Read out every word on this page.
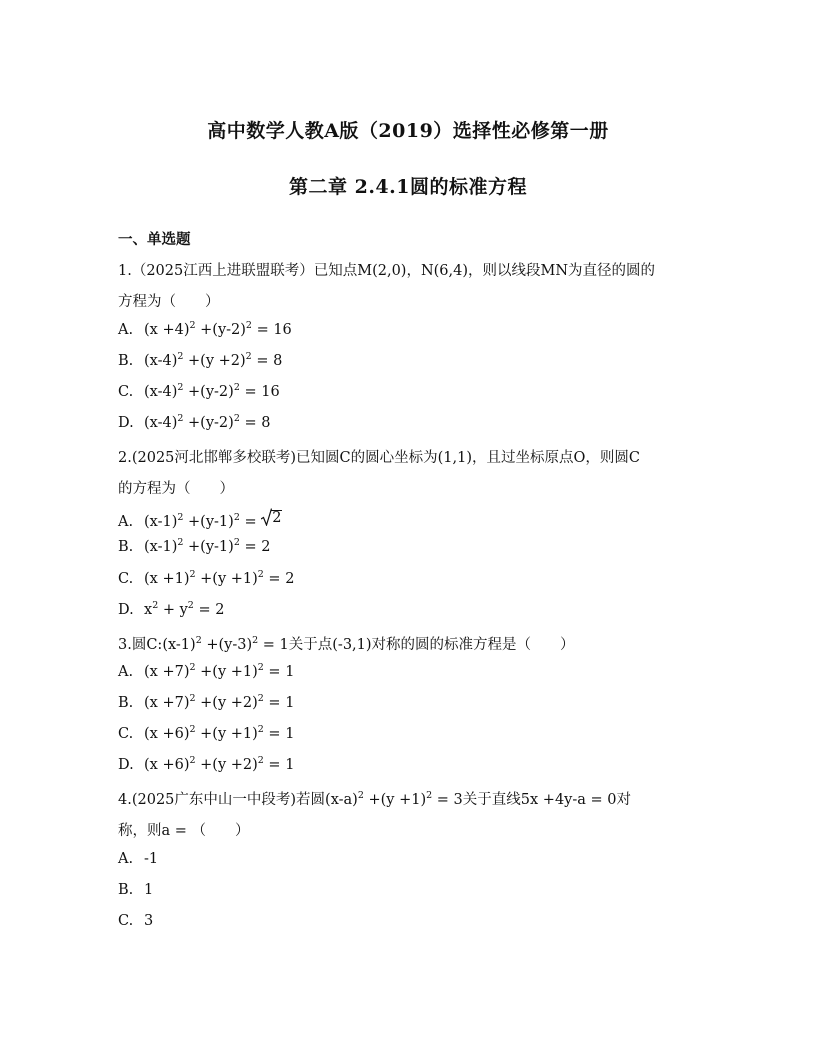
高中数学人教A版（2019）选择性必修第一册
第二章 2.4.1圆的标准方程
一、单选题
1.（2025江西上进联盟联考）已知点M(2,0)，N(6,4)，则以线段MN为直径的圆的
方程为（　　）
A. $(x +4)^2 +(y-2)^2 = 16$
B. $(x-4)^2 +(y +2)^2 = 8$
C. $(x-4)^2 +(y-2)^2 = 16$
D. $(x-4)^2 +(y-2)^2 = 8$
2.(2025河北邯郸多校联考)已知圆C的圆心坐标为(1,1)，且过坐标原点O，则圆C
的方程为（　　）
A. $(x-1)^2 +(y-1)^2 = 2$
B. $(x-1)^2 +(y-1)^2 = 2$
C. $(x +1)^2 +(y +1)^2 = 2$
D. $x^2 + y^2 = 2$
3.圆$C:(x-1)^2 +(y-3)^2 = 1$关于点(-3,1)对称的圆的标准方程是（　　）
A. $(x +7)^2 +(y +1)^2 = 1$
B. $(x +7)^2 +(y +2)^2 = 1$
C. $(x +6)^2 +(y +1)^2 = 1$
D. $(x +6)^2 +(y +2)^2 = 1$
4.(2025广东中山一中段考)若圆$(x-a)^2 +(y +1)^2 = 3$关于直线5x +4y-a = 0对
称，则a = （　　）
A. -1
B. 1
C. 3
